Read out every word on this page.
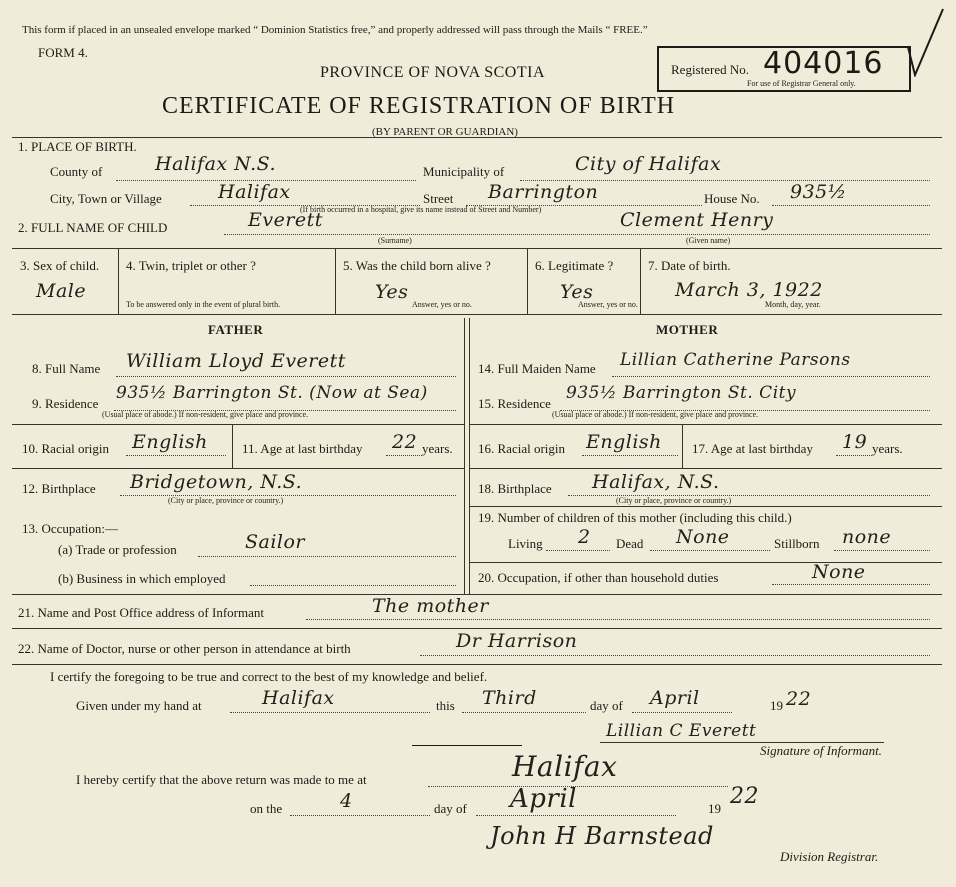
This form if placed in an unsealed envelope marked “ Dominion Statistics free,” and properly addressed will pass through the Mails “ FREE.”
FORM 4.
PROVINCE OF NOVA SCOTIA
CERTIFICATE OF REGISTRATION OF BIRTH
(BY PARENT OR GUARDIAN)
Registered No. 404016
For use of Registrar General only.
1. PLACE OF BIRTH.
County of	Halifax N.S.	Municipality of	City of Halifax
City, Town or Village	Halifax	Street Barrington	House No. 935½
(If birth occurred in a hospital, give its name instead of Street and Number)
2. FULL NAME OF CHILD	Everett
(Surname)
Clement Henry
(Given name)
3. Sex of child.
Male
4. Twin, triplet or other ?
To be answered only in the event of plural birth.
5. Was the child born alive ?
Yes
Answer, yes or no.
6. Legitimate ?
Yes
Answer, yes or no.
7. Date of birth.
March 3, 1922
Month, day, year.
FATHER	MOTHER
8. Full Name William Lloyd Everett
9. Residence
935½ Barrington St. (Now at Sea)
(Usual place of abode.) If non-resident, give place and province.
10. Racial origin English	11. Age at last birthday 22 years.
12. Birthplace Bridgetown, N.S.
(City or place, province or country.)
13. Occupation:—
(a) Trade or profession	Sailor
(b) Business in which employed
14. Full Maiden Name Lillian Catherine Parsons
15. Residence
935½ Barrington St. City
(Usual place of abode.) If non-resident, give place and province.
16. Racial origin English 17. Age at last birthday 19 years.
18. Birthplace Halifax, N.S.
(City or place, province or country.)
19. Number of children of this mother (including this child.)
Living 2 Dead None	Stillborn none
20. Occupation, if other than household duties	None
21. Name and Post Office address of Informant	The mother
22. Name of Doctor, nurse or other person in attendance at birth	Dr Harrison
I certify the foregoing to be true and correct to the best of my knowledge and belief.
Given under my hand at	Halifax	this Third	day of April	19 22
Lillian C Everett
Signature of Informant.
I hereby certify that the above return was made to me at	Halifax
on the	4	day of April	19 22
John H Barnstead
Division Registrar.
